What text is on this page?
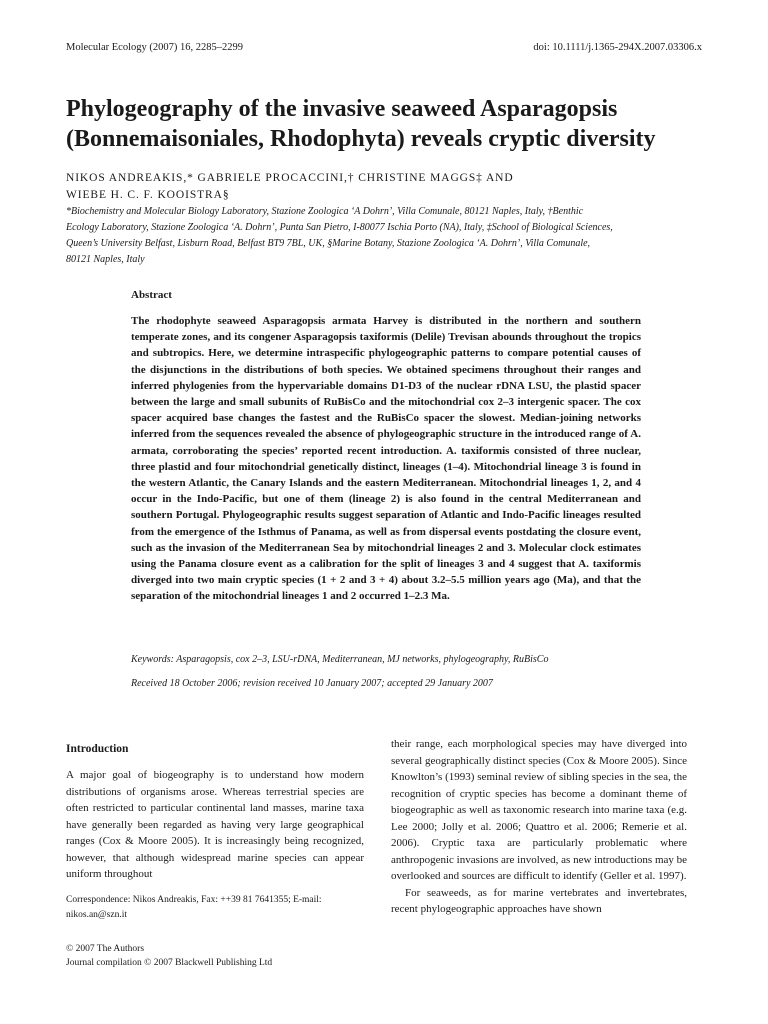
Molecular Ecology (2007) 16, 2285–2299	doi: 10.1111/j.1365-294X.2007.03306.x
Phylogeography of the invasive seaweed Asparagopsis
(Bonnemaisoniales, Rhodophyta) reveals cryptic diversity
NIKOS ANDREAKIS,* GABRIELE PROCACCINI,† CHRISTINE MAGGS‡ AND
WIEBE H. C. F. KOOISTRA§
*Biochemistry and Molecular Biology Laboratory, Stazione Zoologica ‘A Dohrn’, Villa Comunale, 80121 Naples, Italy, †Benthic
Ecology Laboratory, Stazione Zoologica ‘A. Dohrn’, Punta San Pietro, I-80077 Ischia Porto (NA), Italy, ‡School of Biological Sciences,
Queen’s University Belfast, Lisburn Road, Belfast BT9 7BL, UK, §Marine Botany, Stazione Zoologica ‘A. Dohrn’, Villa Comunale,
80121 Naples, Italy
Abstract

The rhodophyte seaweed Asparagopsis armata Harvey is distributed in the northern and southern temperate zones, and its congener Asparagopsis taxiformis (Delile) Trevisan abounds throughout the tropics and subtropics. Here, we determine intraspecific phylogeographic patterns to compare potential causes of the disjunctions in the distributions of both species. We obtained specimens throughout their ranges and inferred phylogenies from the hypervariable domains D1-D3 of the nuclear rDNA LSU, the plastid spacer between the large and small subunits of RuBisCo and the mitochondrial cox 2–3 intergenic spacer. The cox spacer acquired base changes the fastest and the RuBisCo spacer the slowest. Median-joining networks inferred from the sequences revealed the absence of phylogeographic structure in the introduced range of A. armata, corroborating the species’ reported recent introduction. A. taxiformis consisted of three nuclear, three plastid and four mitochondrial genetically distinct, lineages (1–4). Mitochondrial lineage 3 is found in the western Atlantic, the Canary Islands and the eastern Mediterranean. Mitochondrial lineages 1, 2, and 4 occur in the Indo-Pacific, but one of them (lineage 2) is also found in the central Mediterranean and southern Portugal. Phylogeographic results suggest separation of Atlantic and Indo-Pacific lineages resulted from the emergence of the Isthmus of Panama, as well as from dispersal events postdating the closure event, such as the invasion of the Mediterranean Sea by mitochondrial lineages 2 and 3. Molecular clock estimates using the Panama closure event as a calibration for the split of lineages 3 and 4 suggest that A. taxiformis diverged into two main cryptic species (1 + 2 and 3 + 4) about 3.2–5.5 million years ago (Ma), and that the separation of the mitochondrial lineages 1 and 2 occurred 1–2.3 Ma.

Keywords: Asparagopsis, cox 2–3, LSU-rDNA, Mediterranean, MJ networks, phylogeography, RuBisCo

Received 18 October 2006; revision received 10 January 2007; accepted 29 January 2007

Introduction

A major goal of biogeography is to understand how modern distributions of organisms arose. Whereas terrestrial species are often restricted to particular continental land masses, marine taxa have generally been regarded as having very large geographical ranges (Cox & Moore 2005). It is increasingly being recognized, however, that although widespread marine species can appear uniform throughout

their range, each morphological species may have diverged into several geographically distinct species (Cox & Moore 2005). Since Knowlton’s (1993) seminal review of sibling species in the sea, the recognition of cryptic species has become a dominant theme of biogeographic as well as taxonomic research into marine taxa (e.g. Lee 2000; Jolly et al. 2006; Quattro et al. 2006; Remerie et al. 2006). Cryptic taxa are particularly problematic where anthropogenic invasions are involved, as new introductions may be overlooked and sources are difficult to identify (Geller et al. 1997).

For seaweeds, as for marine vertebrates and invertebrates, recent phylogeographic approaches have shown

Correspondence: Nikos Andreakis, Fax: ++39 81 7641355; E-mail: nikos.an@szn.it

© 2007 The Authors
Journal compilation © 2007 Blackwell Publishing Ltd
